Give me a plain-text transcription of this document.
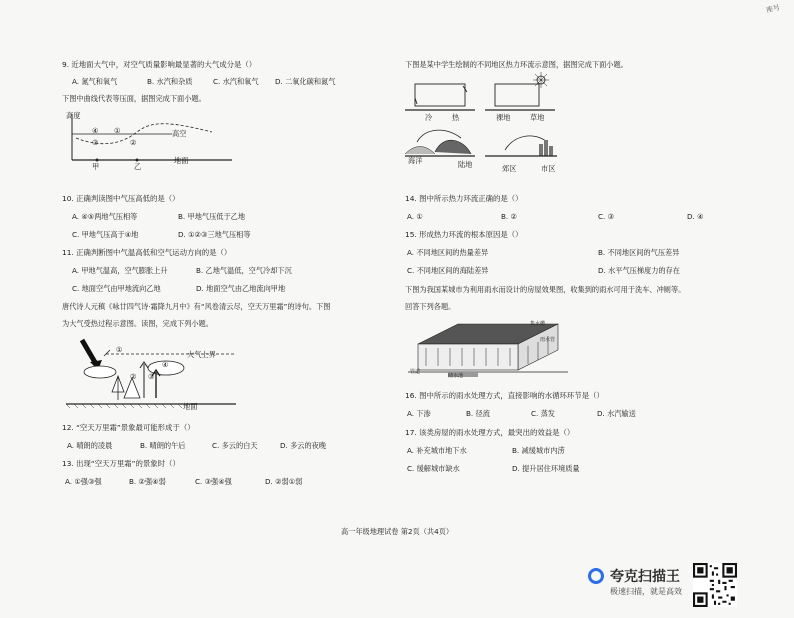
座号
9. 近地面大气中，对空气质量影响最显著的大气成分是（）
A. 氮气和氧气	B. 水汽和杂质	C. 水汽和氧气 D. 二氧化碳和氮气
下图中曲线代表等压面，据图完成下面小题。
高度
高空
地面
④
③
①
②
甲	乙
10. 正确判读图中气压高低的是（）
A. ④⑤两地气压相等	B. 甲地气压低于乙地
C. 甲地气压高于④地	D. ①②③三地气压相等
11. 正确判断图中气温高低和空气运动方向的是（）
A. 甲地气温高，空气膨胀上升	B. 乙地气温低，空气冷却下沉
C. 地面空气由甲地流向乙地	D. 地面空气由乙地流向甲地
唐代诗人元稹《咏廿四气诗·霜降九月中》有“风卷清云尽，空天万里霜”的诗句。下图
为大气受热过程示意图。读图，完成下列小题。
大气上界
地面
①
② ③
④
12. “空天万里霜”景象最可能形成于（）
A. 晴朗的凌晨	B. 晴朗的午后	C. 多云的白天	D. 多云的夜晚
13. 出现“空天万里霜”的景象时（）
A. ①强③强	B. ②强④弱	C. ③强④强	D. ②弱①弱
下图是某中学生绘制的不同地区热力环流示意图，据图完成下面小题。
冷	热	裸地	草地
海洋	陆地	郊区	市区
14. 图中所示热力环流正确的是（）
A. ①	B. ②	C. ③	D. ④
15. 形成热力环流的根本原因是（）
A. 不同地区间的热量差异	B. 不同地区间的气压差异
C. 不同地区间的海陆差异	D. 水平气压梯度力的存在
下图为我国某城市为利用雨水而设计的房屋效果图，收集到的雨水可用于洗车、冲厕等。
回答下列各题。
集水槽
雨水管
管道
储水池
16. 图中所示的雨水处理方式，直接影响的水循环环节是（）
A. 下渗	B. 径流	C. 蒸发	D. 水汽输送
17. 该类房屋的雨水处理方式，最突出的效益是（）
A. 补充城市地下水	B. 减缓城市内涝
C. 缓解城市缺水	D. 提升居住环境质量
高一年级地理试卷 第2页（共4页）
夸克扫描王
极速扫描，就是高效
